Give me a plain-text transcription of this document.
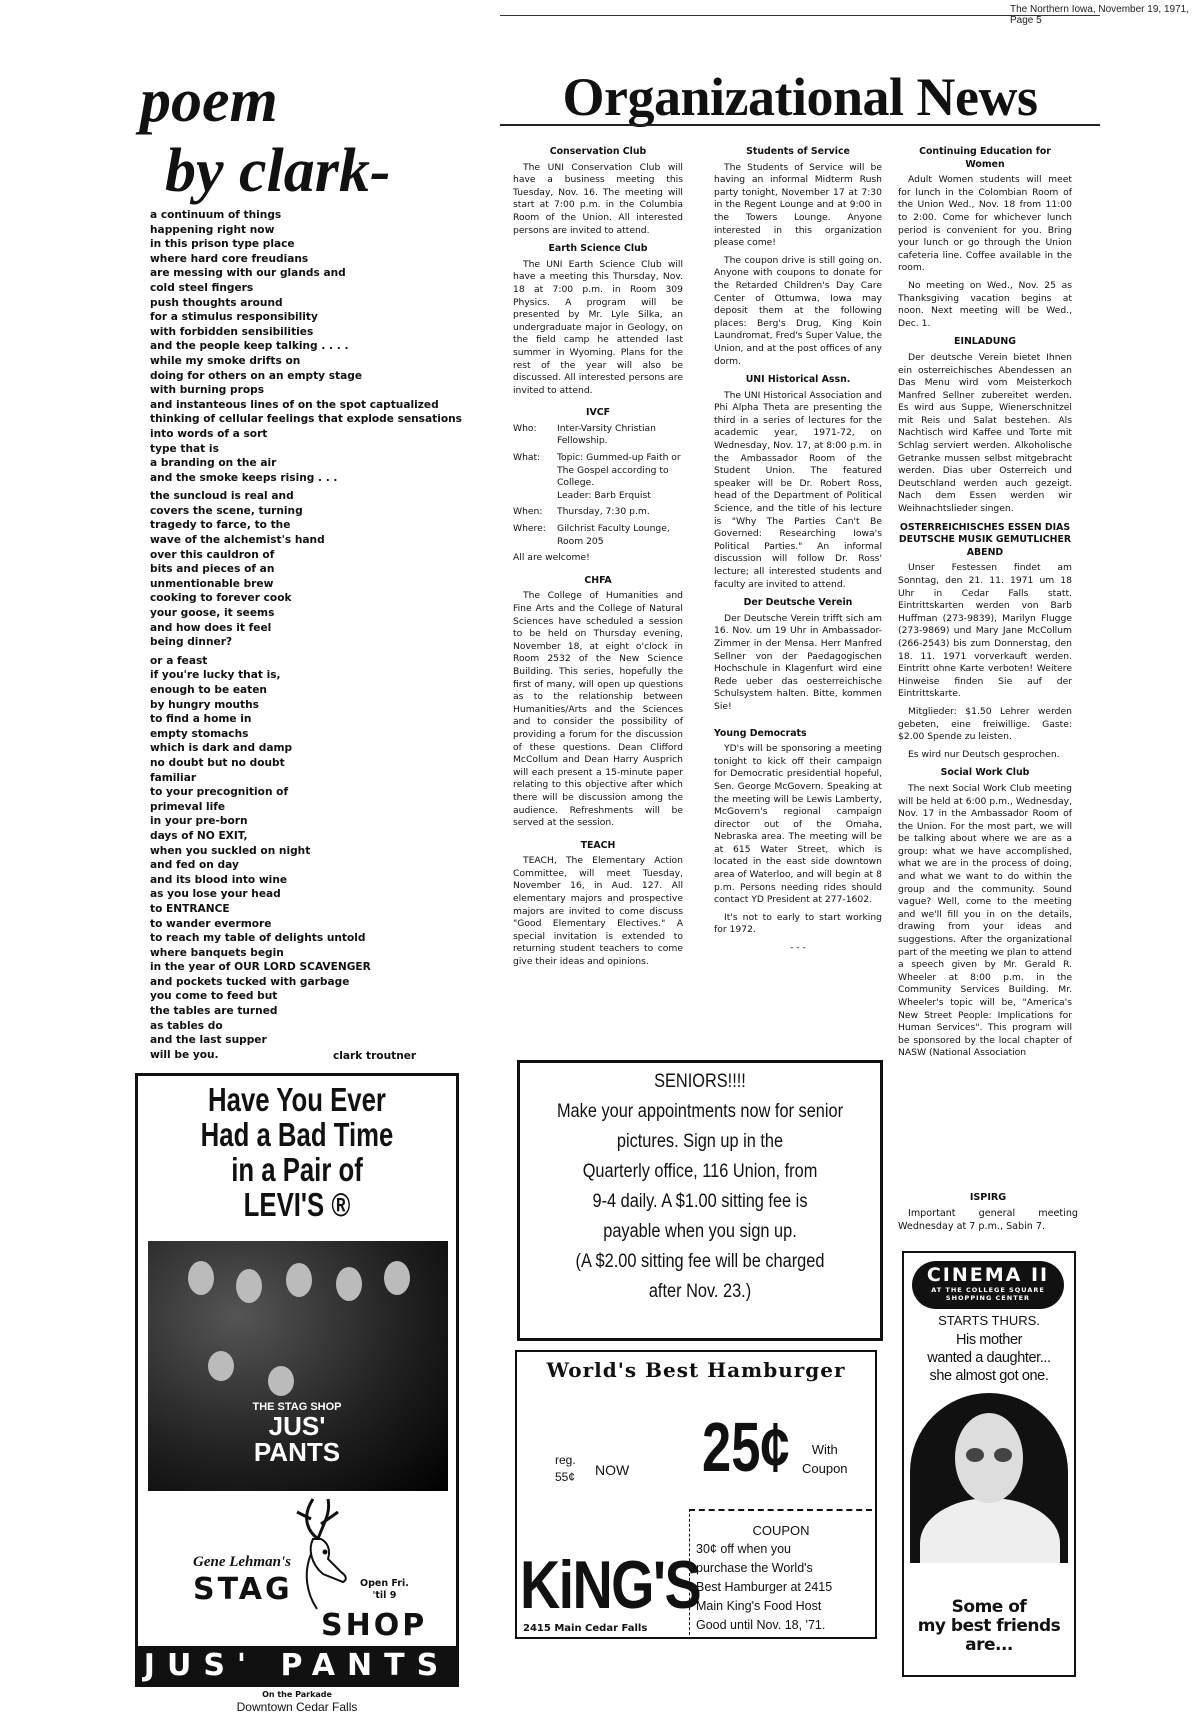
The Northern Iowa, November 19, 1971, Page 5
Organizational News
poem
by clark-
a continuum of things
happening right now
in this prison type place
where hard core freudians
are messing with our glands and
cold steel fingers
push thoughts around
for a stimulus responsibility
with forbidden sensibilities
and the people keep talking . . . .
while my smoke drifts on
doing for others on an empty stage
with burning props
and instanteous lines of on the spot captualized
thinking of cellular feelings that explode sensations
into words of a sort
type that is
a branding on the air
and the smoke keeps rising . . .
the suncloud is real and
covers the scene, turning
tragedy to farce, to the
wave of the alchemist's hand
over this cauldron of
bits and pieces of an
unmentionable brew
cooking to forever cook
your goose, it seems
and how does it feel
being dinner?
or a feast
if you're lucky that is,
enough to be eaten
by hungry mouths
to find a home in
empty stomachs
which is dark and damp
no doubt but no doubt
familiar
to your precognition of
primeval life
in your pre-born
days of NO EXIT,
when you suckled on night
and fed on day
and its blood into wine
as you lose your head
to ENTRANCE
to wander evermore
to reach my table of delights untold
where banquets begin
in the year of OUR LORD SCAVENGER
and pockets tucked with garbage
you come to feed but
the tables are turned
as tables do
and the last supper
will be you.	clark troutner
Conservation Club

The UNI Conservation Club will have a business meeting this Tuesday, Nov. 16. The meeting will start at 7:00 p.m. in the Columbia Room of the Union. All interested persons are invited to attend.

Earth Science Club

The UNI Earth Science Club will have a meeting this Thursday, Nov. 18 at 7:00 p.m. in Room 309 Physics. A program will be presented by Mr. Lyle Silka, an undergraduate major in Geology, on the field camp he attended last summer in Wyoming. Plans for the rest of the year will also be discussed. All interested persons are invited to attend.

IVCF
Who:	Inter-Varsity Christian Fellowship.
What:	Topic: Gummed-up Faith or The Gospel according to College.
Leader: Barb Erquist
When:	Thursday, 7:30 p.m.
Where:	Gilchrist Faculty Lounge, Room 205

All are welcome!

CHFA

The College of Humanities and Fine Arts and the College of Natural Sciences have scheduled a session to be held on Thursday evening, November 18, at eight o'clock in Room 2532 of the New Science Building. This series, hopefully the first of many, will open up questions as to the relationship between Humanities/Arts and the Sciences and to consider the possibility of providing a forum for the discussion of these questions. Dean Clifford McCollum and Dean Harry Ausprich will each present a 15-minute paper relating to this objective after which there will be discussion among the audience. Refreshments will be served at the session.

TEACH

TEACH, The Elementary Action Committee, will meet Tuesday, November 16, in Aud. 127. All elementary majors and prospective majors are invited to come discuss "Good Elementary Electives." A special invitation is extended to returning student teachers to come give their ideas and opinions.

Students of Service

The Students of Service will be having an informal Midterm Rush party tonight, November 17 at 7:30 in the Regent Lounge and at 9:00 in the Towers Lounge. Anyone interested in this organization please come!

The coupon drive is still going on. Anyone with coupons to donate for the Retarded Children's Day Care Center of Ottumwa, Iowa may deposit them at the following places: Berg's Drug, King Koin Laundromat, Fred's Super Value, the Union, and at the post offices of any dorm.

UNI Historical Assn.

The UNI Historical Association and Phi Alpha Theta are presenting the third in a series of lectures for the academic year, 1971-72, on Wednesday, Nov. 17, at 8:00 p.m. in the Ambassador Room of the Student Union. The featured speaker will be Dr. Robert Ross, head of the Department of Political Science, and the title of his lecture is "Why The Parties Can't Be Governed: Researching Iowa's Political Parties." An informal discussion will follow Dr. Ross' lecture; all interested students and faculty are invited to attend.

Der Deutsche Verein

Der Deutsche Verein trifft sich am 16. Nov. um 19 Uhr in Ambassador-Zimmer in der Mensa. Herr Manfred Sellner von der Paedagogischen Hochschule in Klagenfurt wird eine Rede ueber das oesterreichische Schulsystem halten. Bitte, kommen Sie!

Young Democrats

YD's will be sponsoring a meeting tonight to kick off their campaign for Democratic presidential hopeful, Sen. George McGovern. Speaking at the meeting will be Lewis Lamberty, McGovern's regional campaign director out of the Omaha, Nebraska area. The meeting will be at 615 Water Street, which is located in the east side downtown area of Waterloo, and will begin at 8 p.m. Persons needing rides should contact YD President at 277-1602.

It's not to early to start working for 1972.

- - -
Continuing Education for Women

Adult Women students will meet for lunch in the Colombian Room of the Union Wed., Nov. 18 from 11:00 to 2:00. Come for whichever lunch period is convenient for you. Bring your lunch or go through the Union cafeteria line. Coffee available in the room.

No meeting on Wed., Nov. 25 as Thanksgiving vacation begins at noon. Next meeting will be Wed., Dec. 1.

EINLADUNG

Der deutsche Verein bietet Ihnen ein osterreichisches Abendessen an Das Menu wird vom Meisterkoch Manfred Sellner zubereitet werden. Es wird aus Suppe, Wienerschnitzel mit Reis und Salat bestehen. Als Nachtisch wird Kaffee und Torte mit Schlag serviert werden. Alkoholische Getranke mussen selbst mitgebracht werden. Dias uber Osterreich und Deutschland werden auch gezeigt. Nach dem Essen werden wir Weihnachtslieder singen.

OSTERREICHISCHES ESSEN DIAS DEUTSCHE MUSIK GEMUTLICHER ABEND

Unser Festessen findet am Sonntag, den 21. 11. 1971 um 18 Uhr in Cedar Falls statt. Eintrittskarten werden von Barb Huffman (273-9839), Marilyn Flugge (273-9869) und Mary Jane McCollum (266-2543) bis zum Donnerstag, den 18. 11. 1971 vorverkauft werden. Eintritt ohne Karte verboten! Weitere Hinweise finden Sie auf der Eintrittskarte.

Mitglieder: $1.50 Lehrer werden gebeten, eine freiwillige. Gaste: $2.00 Spende zu leisten.

Es wird nur Deutsch gesprochen.

Social Work Club

The next Social Work Club meeting will be held at 6:00 p.m., Wednesday, Nov. 17 in the Ambassador Room of the Union. For the most part, we will be talking about where we are as a group: what we have accomplished, what we are in the process of doing, and what we want to do within the group and the community. Sound vague? Well, come to the meeting and we'll fill you in on the details, drawing from your ideas and suggestions. After the organizational part of the meeting we plan to attend a speech given by Mr. Gerald R. Wheeler at 8:00 p.m. in the Community Services Building. Mr. Wheeler's topic will be, "America's New Street People: Implications for Human Services". This program will be sponsored by the local chapter of NASW (National Association

ISPIRG

Important general meeting Wednesday at 7 p.m., Sabin 7.

Have You Ever
Had a Bad Time
in a Pair of
LEVI'S ®
THE STAG SHOP
JUS'
PANTS
Gene Lehman's
STAG
SHOP
Open Fri.
'til 9
JUS' PANTS
On the Parkade
Downtown Cedar Falls
SENIORS!!!!
Make your appointments now for senior
pictures. Sign up in the
Quarterly office, 116 Union, from
9-4 daily. A $1.00 sitting fee is
payable when you sign up.
(A $2.00 sitting fee will be charged
after Nov. 23.)
World's Best Hamburger
reg.
55¢ NOW 25¢	With
Coupon
KiNG'S
2415 Main Cedar Falls
COUPON
30¢ off when you
purchase the World's
Best Hamburger at 2415
Main King's Food Host
Good until Nov. 18, '71.
CINEMA II
AT THE COLLEGE SQUARE
SHOPPING CENTER
STARTS THURS.
His mother
wanted a daughter...
she almost got one.
Some of
my best friends
are...
